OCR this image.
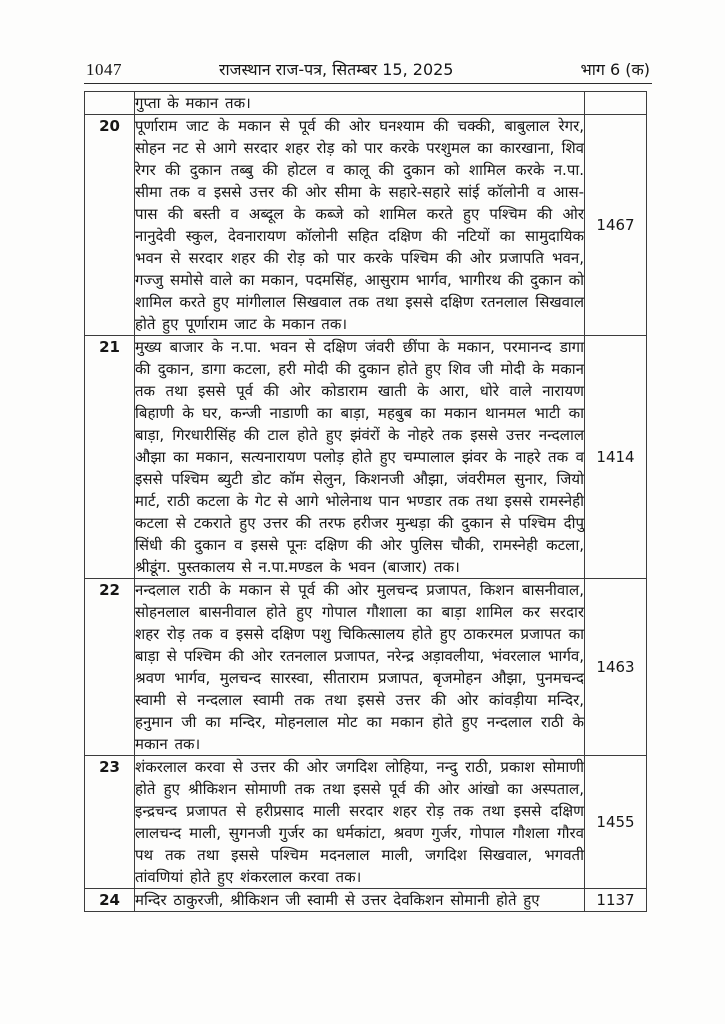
1047	राजस्थान राज-पत्र, सितम्बर 15, 2025	भाग 6 (क)
	गुप्ता के मकान तक।	
20	पूर्णाराम जाट के मकान से पूर्व की ओर घनश्याम की चक्की, बाबुलाल रेगर, सोहन नट से आगे सरदार शहर रोड़ को पार करके परशुमल का कारखाना, शिव रेगर की दुकान तब्बु की होटल व कालू की दुकान को शामिल करके न.पा. सीमा तक व इससे उत्तर की ओर सीमा के सहारे-सहारे सांई कॉलोनी व आस-पास की बस्ती व अब्दूल के कब्जे को शामिल करते हुए पश्चिम की ओर नानुदेवी स्कुल, देवनारायण कॉलोनी सहित दक्षिण की नटियों का सामुदायिक भवन से सरदार शहर की रोड़ को पार करके पश्चिम की ओर प्रजापति भवन, गज्जु समोसे वाले का मकान, पदमसिंह, आसुराम भार्गव, भागीरथ की दुकान को शामिल करते हुए मांगीलाल सिखवाल तक तथा इससे दक्षिण रतनलाल सिखवाल होते हुए पूर्णाराम जाट के मकान तक।	1467
21	मुख्य बाजार के न.पा. भवन से दक्षिण जंवरी छींपा के मकान, परमानन्द डागा की दुकान, डागा कटला, हरी मोदी की दुकान होते हुए शिव जी मोदी के मकान तक तथा इससे पूर्व की ओर कोडाराम खाती के आरा, धोरे वाले नारायण बिहाणी के घर, कन्जी नाडाणी का बाड़ा, महबुब का मकान थानमल भाटी का बाड़ा, गिरधारीसिंह की टाल होते हुए झंवंरों के नोहरे तक इससे उत्तर नन्दलाल औझा का मकान, सत्यनारायण पलोड़ होते हुए चम्पालाल झंवर के नाहरे तक व इससे पश्चिम ब्युटी डोट कॉम सेलुन, किशनजी औझा, जंवरीमल सुनार, जियो मार्ट, राठी कटला के गेट से आगे भोलेनाथ पान भण्डार तक तथा इससे रामस्नेही कटला से टकराते हुए उत्तर की तरफ हरीजर मुन्धड़ा की दुकान से पश्चिम दीपु सिंधी की दुकान व इससे पूनः दक्षिण की ओर पुलिस चौकी, रामस्नेही कटला, श्रीडूंग. पुस्तकालय से न.पा.मण्डल के भवन (बाजार) तक।	1414
22	नन्दलाल राठी के मकान से पूर्व की ओर मुलचन्द प्रजापत, किशन बासनीवाल, सोहनलाल बासनीवाल होते हुए गोपाल गौशाला का बाड़ा शामिल कर सरदार शहर रोड़ तक व इससे दक्षिण पशु चिकित्सालय होते हुए ठाकरमल प्रजापत का बाड़ा से पश्चिम की ओर रतनलाल प्रजापत, नरेन्द्र अड़ावलीया, भंवरलाल भार्गव, श्रवण भार्गव, मुलचन्द सारस्वा, सीताराम प्रजापत, बृजमोहन औझा, पुनमचन्द स्वामी से नन्दलाल स्वामी तक तथा इससे उत्तर की ओर कांवड़ीया मन्दिर, हनुमान जी का मन्दिर, मोहनलाल मोट का मकान होते हुए नन्दलाल राठी के मकान तक।	1463
23	शंकरलाल करवा से उत्तर की ओर जगदिश लोहिया, नन्दु राठी, प्रकाश सोमाणी होते हुए श्रीकिशन सोमाणी तक तथा इससे पूर्व की ओर आंखो का अस्पताल, इन्द्रचन्द प्रजापत से हरीप्रसाद माली सरदार शहर रोड़ तक तथा इससे दक्षिण लालचन्द माली, सुगनजी गुर्जर का धर्मकांटा, श्रवण गुर्जर, गोपाल गौशला गौरव पथ तक तथा इससे पश्चिम मदनलाल माली, जगदिश सिखवाल, भगवती तांवणियां होते हुए शंकरलाल करवा तक।	1455
24	मन्दिर ठाकुरजी, श्रीकिशन जी स्वामी से उत्तर देवकिशन सोमानी होते हुए	1137
